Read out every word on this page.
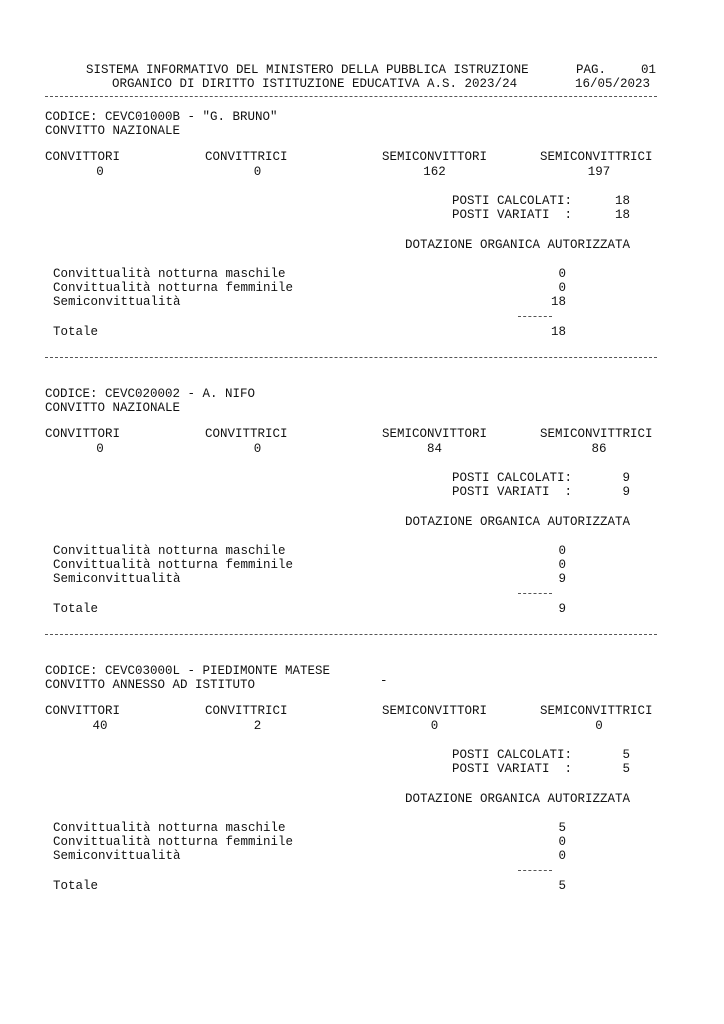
SISTEMA INFORMATIVO DEL MINISTERO DELLA PUBBLICA ISTRUZIONE	PAG.	01
ORGANICO DI DIRITTO ISTITUZIONE EDUCATIVA A.S. 2023/24	16/05/2023
CODICE: CEVC01000B - "G. BRUNO"
CONVITTO NAZIONALE
CONVITTORI	CONVITTRICI	SEMICONVITTORI	SEMICONVITTRICI
0	0	162	197
POSTI CALCOLATI:	18
POSTI VARIATI  :	18
DOTAZIONE ORGANICA AUTORIZZATA
Convittualità notturna maschile	0
Convittualità notturna femminile	0
Semiconvittualità	18
Totale	18
CODICE: CEVC020002 - A. NIFO
CONVITTO NAZIONALE
CONVITTORI	CONVITTRICI	SEMICONVITTORI	SEMICONVITTRICI
0	0	84	86
POSTI CALCOLATI:	9
POSTI VARIATI  :	9
DOTAZIONE ORGANICA AUTORIZZATA
Convittualità notturna maschile	0
Convittualità notturna femminile	0
Semiconvittualità	9
Totale	9
CODICE: CEVC03000L - PIEDIMONTE MATESE
CONVITTO ANNESSO AD ISTITUTO	-
CONVITTORI	CONVITTRICI	SEMICONVITTORI	SEMICONVITTRICI
40	2	0	0
POSTI CALCOLATI:	5
POSTI VARIATI  :	5
DOTAZIONE ORGANICA AUTORIZZATA
Convittualità notturna maschile	5
Convittualità notturna femminile	0
Semiconvittualità	0
Totale	5
